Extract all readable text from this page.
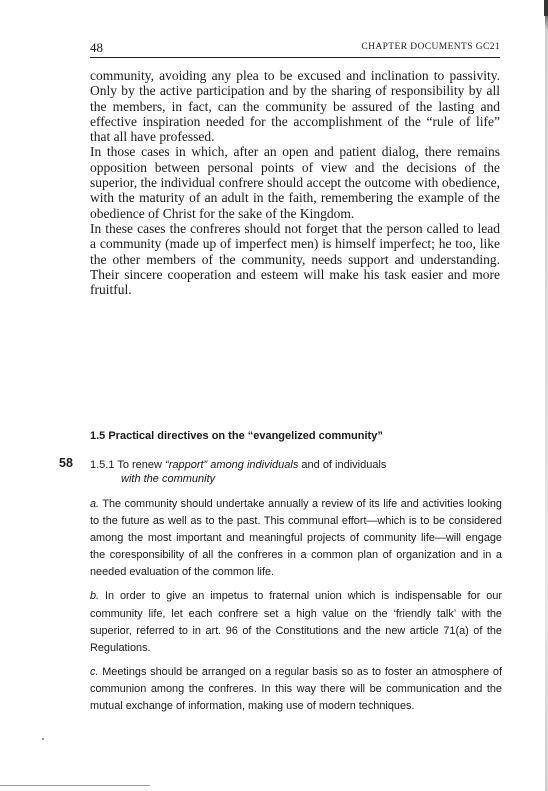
48	CHAPTER DOCUMENTS GC21

community, avoiding any plea to be excused and inclination to passivity. Only by the active participation and by the sharing of responsibility by all the members, in fact, can the community be assured of the lasting and effective inspiration needed for the accomplishment of the “rule of life” that all have professed.

In those cases in which, after an open and patient dialog, there remains opposition between personal points of view and the decisions of the superior, the individual confrere should accept the outcome with obedience, with the maturity of an adult in the faith, remembering the example of the obedience of Christ for the sake of the Kingdom.

In these cases the confreres should not forget that the person called to lead a community (made up of imperfect men) is himself imperfect; he too, like the other members of the community, needs support and understanding. Their sincere cooperation and esteem will make his task easier and more fruitful.

1.5 Practical directives on the “evangelized community”
58 1.5.1 To renew “rapport” among individuals and of individuals
with the community

a. The community should undertake annually a review of its life and activities looking to the future as well as to the past. This communal effort—which is to be considered among the most important and meaningful projects of community life—will engage the coresponsibility of all the confreres in a common plan of organization and in a needed evaluation of the common life.

b. In order to give an impetus to fraternal union which is indispensable for our community life, let each confrere set a high value on the ‘friendly talk’ with the superior, referred to in art. 96 of the Constitutions and the new article 71(a) of the Regulations.

c. Meetings should be arranged on a regular basis so as to foster an atmosphere of communion among the confreres. In this way there will be communication and the mutual exchange of information, making use of modern techniques.
